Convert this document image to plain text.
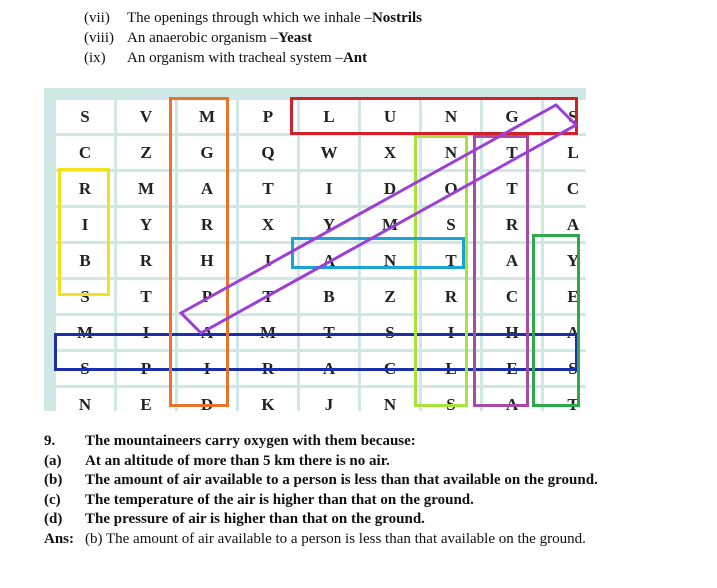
(vii)	The openings through which we inhale – Nostrils
(viii) An anaerobic organism – Yeast
(ix)	An organism with tracheal system – Ant
S	V	M	P	L	U	N	G	S
C	Z	G	Q	W	X	N	T	L
R	M	A	T	I	D	O	T	C
I	Y	R	X	Y	M	S	R	A
B	R	H	I	A	N	T	A	Y
S	T	P	T	B	Z	R	C	E
M	I	A	M	T	S	I	H	A
S	P	I	R	A	C	L	E	S
N	E	D	K	J	N	S	A	T
9.	The mountaineers carry oxygen with them because:
(a)	At an altitude of more than 5 km there is no air.
(b)	The amount of air available to a person is less than that available on the ground.
(c)	The temperature of the air is higher than that on the ground.
(d)	The pressure of air is higher than that on the ground.
Ans: (b) The amount of air available to a person is less than that available on the ground.
